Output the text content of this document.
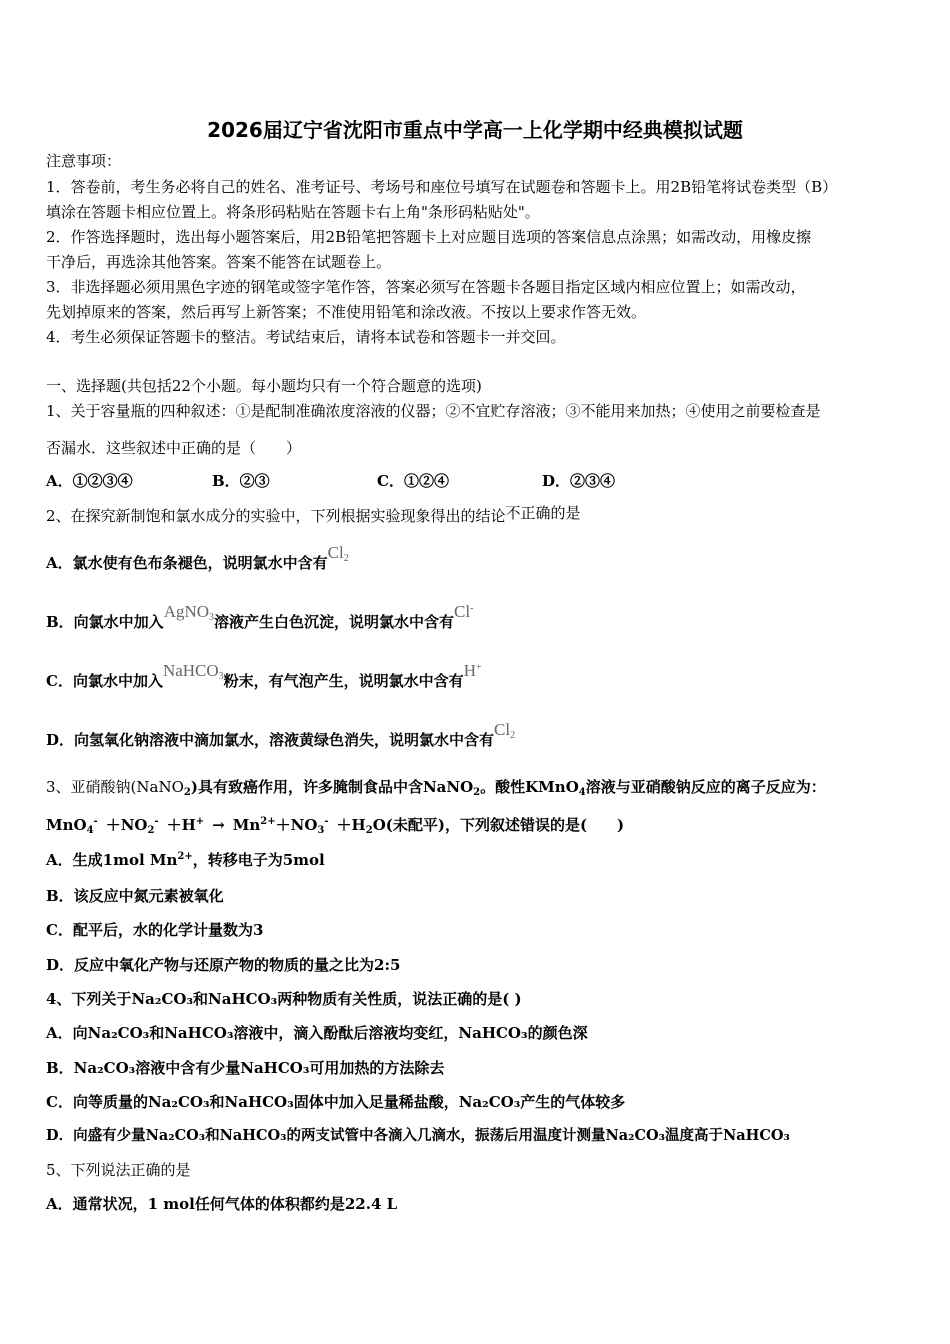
2026届辽宁省沈阳市重点中学高一上化学期中经典模拟试题
注意事项：
1．答卷前，考生务必将自己的姓名、准考证号、考场号和座位号填写在试题卷和答题卡上。用2B铅笔将试卷类型（B）
填涂在答题卡相应位置上。将条形码粘贴在答题卡右上角"条形码粘贴处"。
2．作答选择题时，选出每小题答案后，用2B铅笔把答题卡上对应题目选项的答案信息点涂黑；如需改动，用橡皮擦
干净后，再选涂其他答案。答案不能答在试题卷上。
3．非选择题必须用黑色字迹的钢笔或签字笔作答，答案必须写在答题卡各题目指定区域内相应位置上；如需改动，
先划掉原来的答案，然后再写上新答案；不准使用铅笔和涂改液。不按以上要求作答无效。
4．考生必须保证答题卡的整洁。考试结束后，请将本试卷和答题卡一并交回。
一、选择题(共包括22个小题。每小题均只有一个符合题意的选项)
1、关于容量瓶的四种叙述：①是配制准确浓度溶液的仪器；②不宜贮存溶液；③不能用来加热；④使用之前要检查是
否漏水．这些叙述中正确的是（　　）
A．①②③④	B．②③	C．①②④	D．②③④
2、在探究新制饱和氯水成分的实验中，下列根据实验现象得出的结论不正确的是
A．氯水使有色布条褪色，说明氯水中含有$Cl_2$
B．向氯水中加入AgNO$_3$溶液产生白色沉淀，说明氯水中含有Cl-
C．向氯水中加入NaHCO$_3$粉末，有气泡产生，说明氯水中含有H+
D．向氢氧化钠溶液中滴加氯水，溶液黄绿色消失，说明氯水中含有$Cl_2$
3、亚硝酸钠(NaNO$_2$)具有致癌作用，许多腌制食品中含NaNO$_2$。酸性KMnO$_4$溶液与亚硝酸钠反应的离子反应为：
$MnO_4^- +NO_2^- +H^+ \to Mn^{2+}+NO_3^- +H_2O$(未配平)，下列叙述错误的是(　　)
A．生成1mol $Mn^{2+}$，转移电子为5mol
B．该反应中氮元素被氧化
C．配平后，水的化学计量数为3
D．反应中氧化产物与还原产物的物质的量之比为2:5
4、下列关于Na₂CO₃和NaHCO₃两种物质有关性质，说法正确的是( )
A．向Na₂CO₃和NaHCO₃溶液中，滴入酚酞后溶液均变红，NaHCO₃的颜色深
B．Na₂CO₃溶液中含有少量NaHCO₃可用加热的方法除去
C．向等质量的Na₂CO₃和NaHCO₃固体中加入足量稀盐酸，Na₂CO₃产生的气体较多
D．向盛有少量Na₂CO₃和NaHCO₃的两支试管中各滴入几滴水，振荡后用温度计测量Na₂CO₃温度高于NaHCO₃
5、下列说法正确的是
A．通常状况，1 mol任何气体的体积都约是22.4 L
